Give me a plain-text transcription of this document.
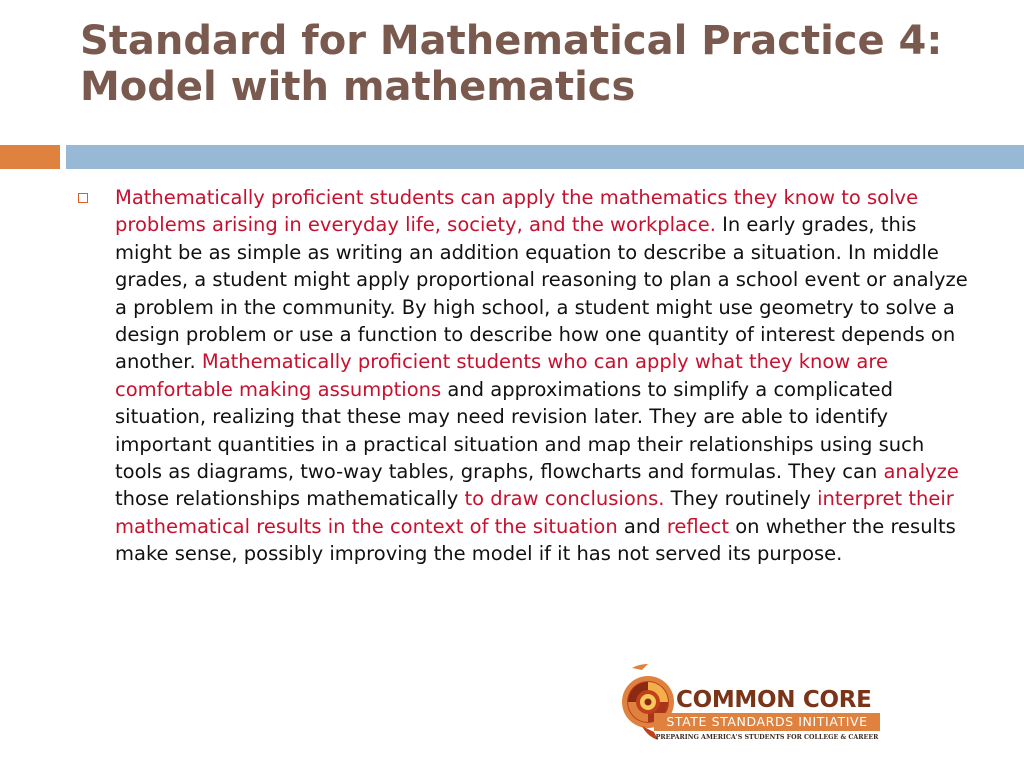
Standard for Mathematical Practice 4:
Model with mathematics
Mathematically proficient students can apply the mathematics they know to solve problems arising in everyday life, society, and the workplace. In early grades, this might be as simple as writing an addition equation to describe a situation. In middle grades, a student might apply proportional reasoning to plan a school event or analyze a problem in the community. By high school, a student might use geometry to solve a design problem or use a function to describe how one quantity of interest depends on another. Mathematically proficient students who can apply what they know are comfortable making assumptions and approximations to simplify a complicated situation, realizing that these may need revision later. They are able to identify important quantities in a practical situation and map their relationships using such tools as diagrams, two-way tables, graphs, flowcharts and formulas. They can analyze those relationships mathematically to draw conclusions. They routinely interpret their mathematical results in the context of the situation and reflect on whether the results make sense, possibly improving the model if it has not served its purpose.
COMMON CORE
STATE STANDARDS INITIATIVE
PREPARING AMERICA'S STUDENTS FOR COLLEGE & CAREER
